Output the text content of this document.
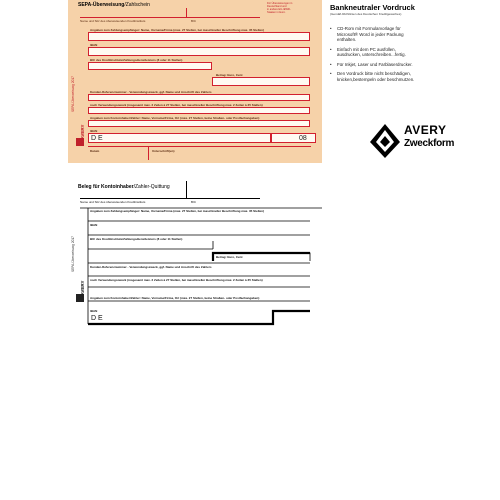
SEPA-Überweisung/Zahlschein	Für Überweisungen in
Deutschland und
in andere EU-/EWR-
Staaten in Euro.
Name und Sitz des überweisenden Kreditinstituts	BIC
Angaben zum Zahlungsempfänger: Name, Vorname/Firma (max. 27 Stellen, bei maschineller Beschriftung max. 35 Stellen)
IBAN
BIC des Kreditinstituts/Zahlungsdienstleisters (8 oder 11 Stellen)
Betrag: Euro, Cent
Kunden-Referenznummer - Verwendungszweck, ggf. Name und Anschrift des Zahlers
noch Verwendungszweck (insgesamt max. 2 Zeilen à 27 Stellen, bei maschineller Beschriftung max. 2 Zeilen à 35 Stellen)
Angaben zum Kontoinhaber/Zahler: Name, Vorname/Firma, Ort (max. 27 Stellen, keine Straßen- oder Postfachangaben)
IBAN
D E	08
Datum	Unterschrift(en)
SEPA-Überweisung 2017
AVERY
Bankneutraler Vordruck
(Gemäß Richtlinien des Deutschen Kreditgewerbes)
• CD-Rom mit Formularvorlage für
Microsoft® Word in jeder Packung
enthalten.
• Einfach mit dem PC ausfüllen,
ausdrucken, unterschreiben...fertig.
• Für Inkjet, Laser und Farblaserdrucker.
• Den Vordruck bitte nicht beschädigen,
knicken,bestempeln oder beschmutzen.
AVERY
Zweckform
Beleg für Kontoinhaber/Zahler-Quittung
Name und Sitz des überweisenden Kreditinstituts	BIC
Angaben zum Zahlungsempfänger: Name, Vorname/Firma (max. 27 Stellen, bei maschineller Beschriftung max. 35 Stellen)
IBAN
BIC des Kreditinstituts/Zahlungsdienstleisters (8 oder 11 Stellen)
Betrag: Euro, Cent
Kunden-Referenznummer - Verwendungszweck, ggf. Name und Anschrift des Zahlers
noch Verwendungszweck (insgesamt max. 2 Zeilen à 27 Stellen, bei maschineller Beschriftung max. 2 Zeilen à 35 Stellen)
Angaben zum Kontoinhaber/Zahler: Name, Vorname/Firma, Ort (max. 27 Stellen, keine Straßen- oder Postfachangaben)
IBAN
D E
SEPA-Überweisung 2017
AVERY
